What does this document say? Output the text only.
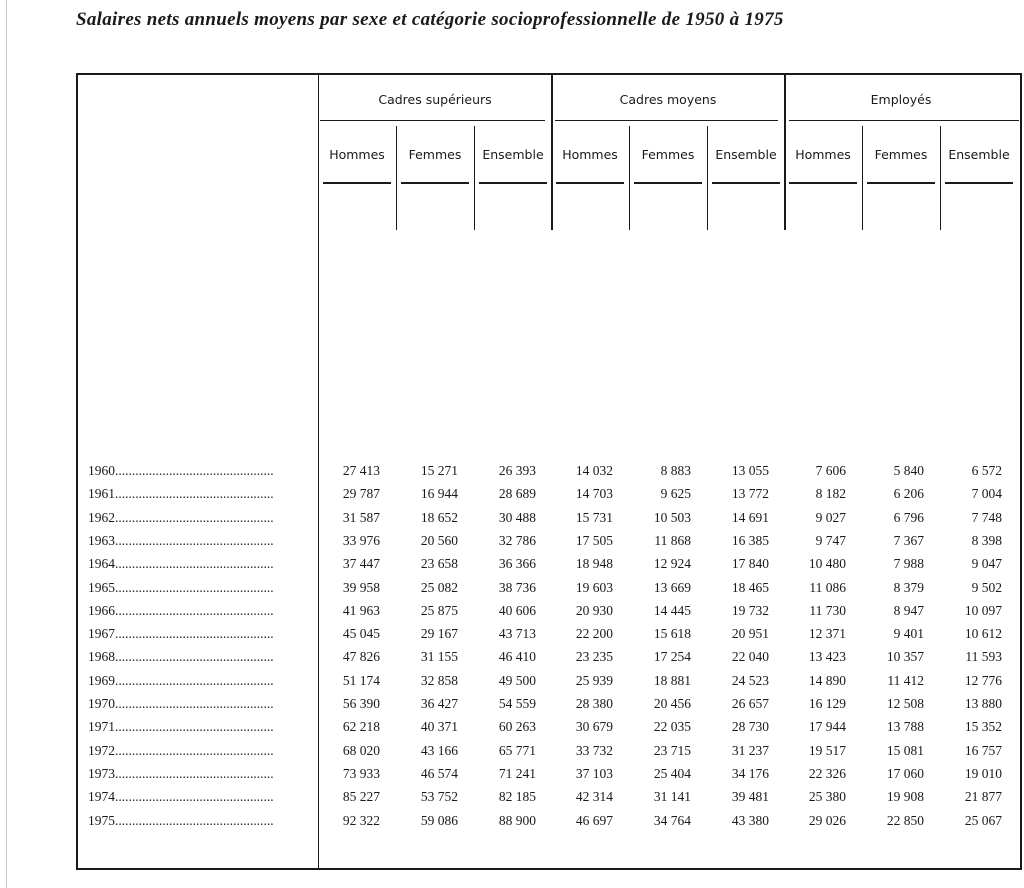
Salaires nets annuels moyens par sexe et catégorie socioprofessionnelle de 1950 à 1975
Cadres supérieurs	Cadres moyens	Employés
Hommes	Femmes	Ensemble	Hommes	Femmes	Ensemble	Hommes	Femmes	Ensemble
1960...............................................	27 413	15 271	26 393	14 032	8 883	13 055	7 606	5 840	6 572
1961...............................................	29 787	16 944	28 689	14 703	9 625	13 772	8 182	6 206	7 004
1962...............................................	31 587	18 652	30 488	15 731	10 503	14 691	9 027	6 796	7 748
1963...............................................	33 976	20 560	32 786	17 505	11 868	16 385	9 747	7 367	8 398
1964...............................................	37 447	23 658	36 366	18 948	12 924	17 840	10 480	7 988	9 047
1965...............................................	39 958	25 082	38 736	19 603	13 669	18 465	11 086	8 379	9 502
1966...............................................	41 963	25 875	40 606	20 930	14 445	19 732	11 730	8 947	10 097
1967...............................................	45 045	29 167	43 713	22 200	15 618	20 951	12 371	9 401	10 612
1968...............................................	47 826	31 155	46 410	23 235	17 254	22 040	13 423	10 357	11 593
1969...............................................	51 174	32 858	49 500	25 939	18 881	24 523	14 890	11 412	12 776
1970...............................................	56 390	36 427	54 559	28 380	20 456	26 657	16 129	12 508	13 880
1971...............................................	62 218	40 371	60 263	30 679	22 035	28 730	17 944	13 788	15 352
1972...............................................	68 020	43 166	65 771	33 732	23 715	31 237	19 517	15 081	16 757
1973...............................................	73 933	46 574	71 241	37 103	25 404	34 176	22 326	17 060	19 010
1974...............................................	85 227	53 752	82 185	42 314	31 141	39 481	25 380	19 908	21 877
1975...............................................	92 322	59 086	88 900	46 697	34 764	43 380	29 026	22 850	25 067
